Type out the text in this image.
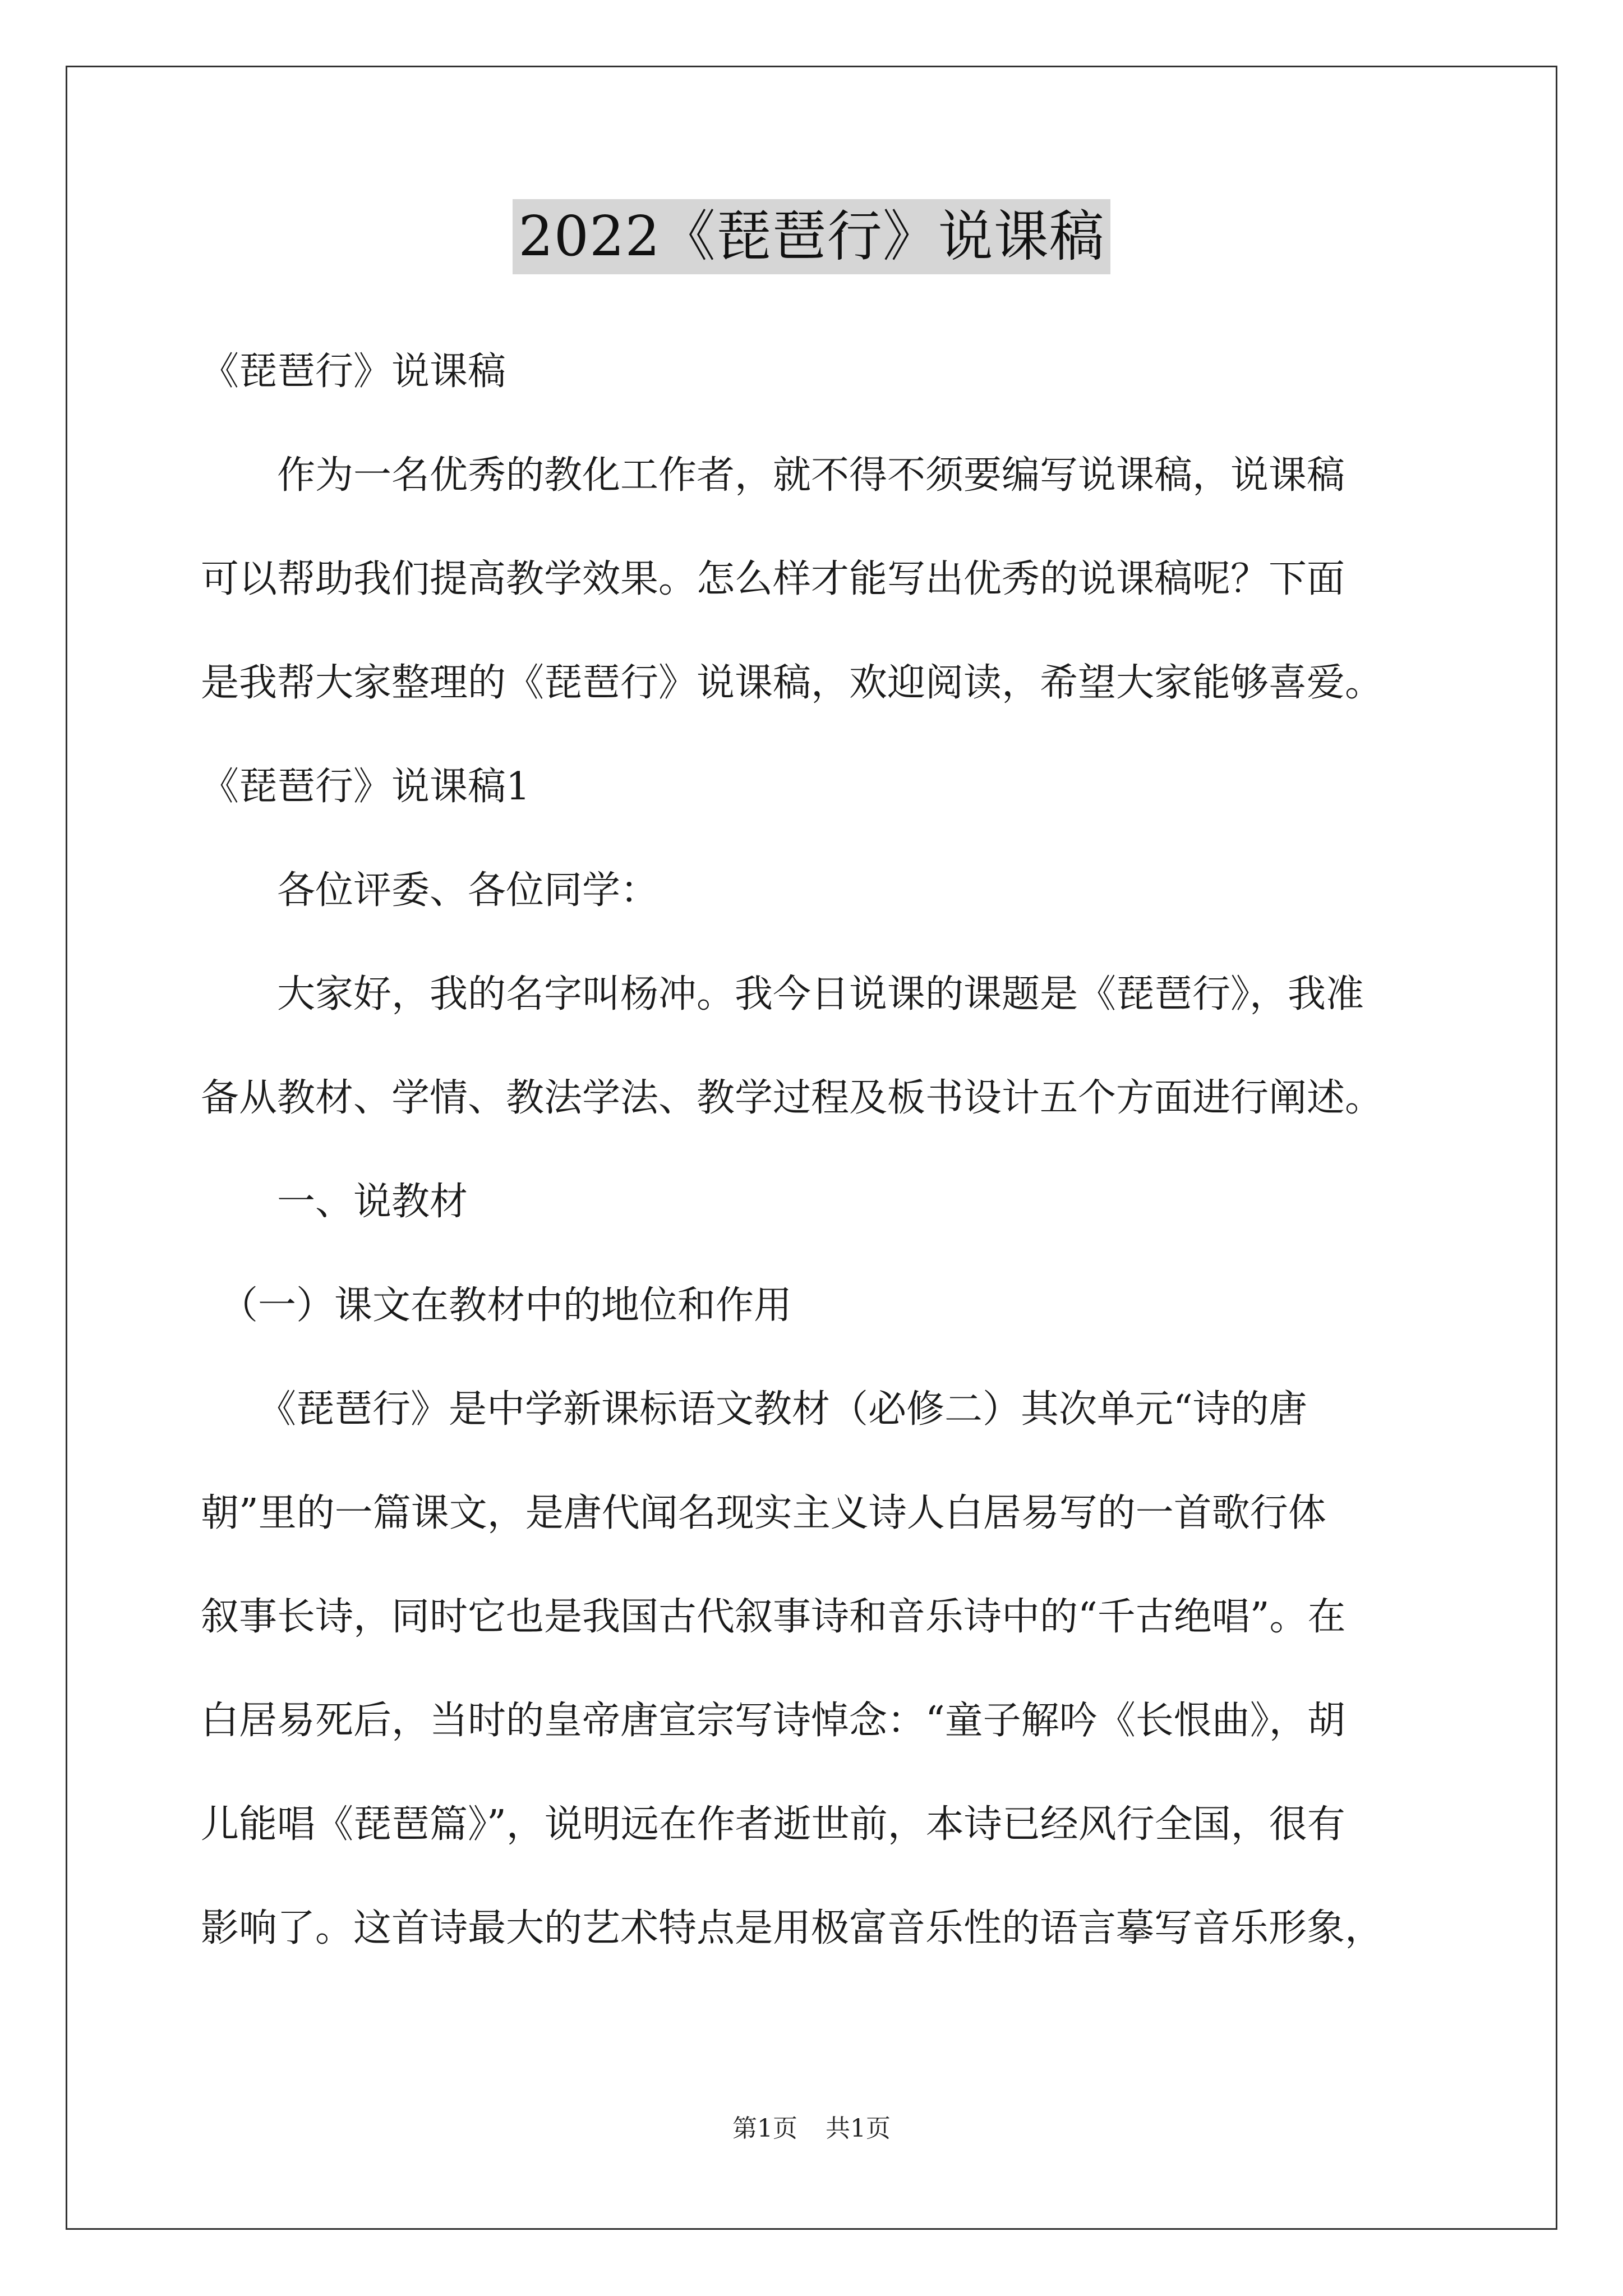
2022《琵琶行》说课稿
《琵琶行》说课稿
　　作为一名优秀的教化工作者，就不得不须要编写说课稿，说课稿
可以帮助我们提高教学效果。怎么样才能写出优秀的说课稿呢？下面
是我帮大家整理的《琵琶行》说课稿，欢迎阅读，希望大家能够喜爱。
《琵琶行》说课稿1
　　各位评委、各位同学：
　　大家好，我的名字叫杨冲。我今日说课的课题是《琵琶行》，我准
备从教材、学情、教法学法、教学过程及板书设计五个方面进行阐述。
　　一、说教材
　（一）课文在教材中的地位和作用
　　《琵琶行》是中学新课标语文教材（必修二）其次单元“诗的唐
朝”里的一篇课文，是唐代闻名现实主义诗人白居易写的一首歌行体
叙事长诗，同时它也是我国古代叙事诗和音乐诗中的“千古绝唱”。在
白居易死后，当时的皇帝唐宣宗写诗悼念：“童子解吟《长恨曲》，胡
儿能唱《琵琶篇》”，说明远在作者逝世前，本诗已经风行全国，很有
影响了。这首诗最大的艺术特点是用极富音乐性的语言摹写音乐形象，
第1页 共1页
